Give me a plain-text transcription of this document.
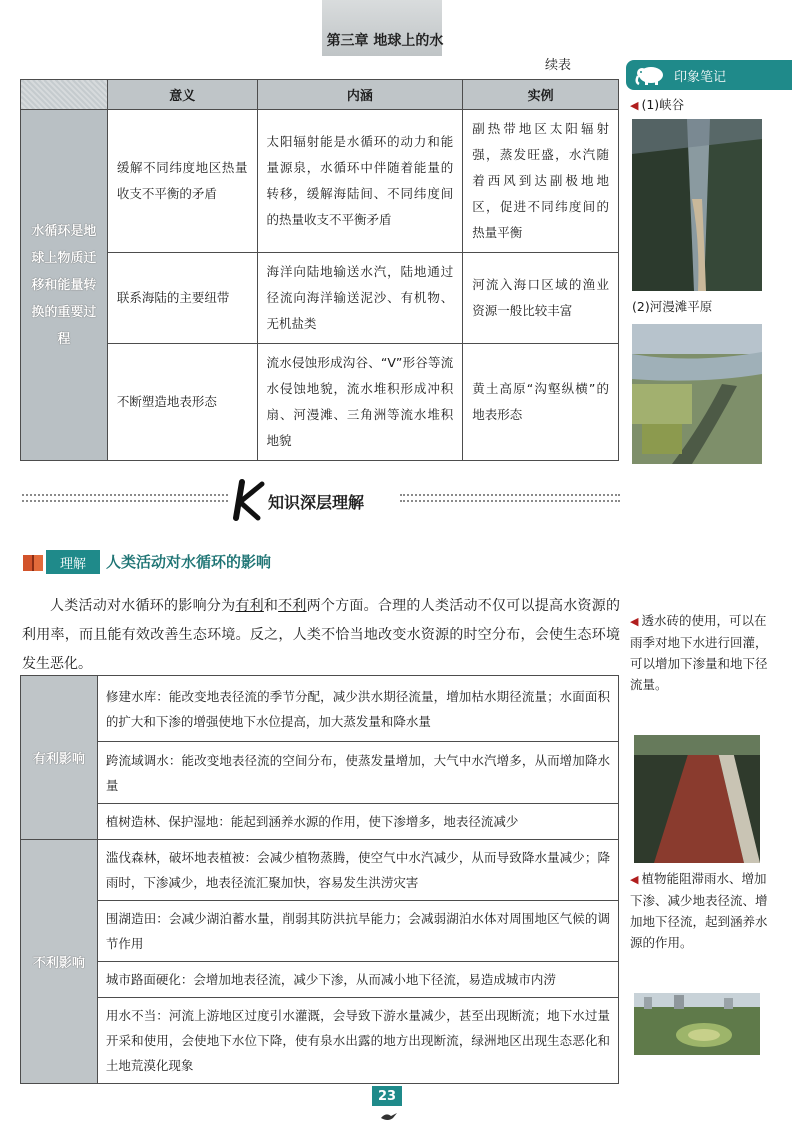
第三章 地球上的水
续表
印象笔记
◀ (1)峡谷
(2)河漫滩平原
◀ 透水砖的使用，可以在雨季对地下水进行回灌，可以增加下渗量和地下径流量。
◀ 植物能阻滞雨水、增加下渗、减少地表径流、增加地下径流，起到涵养水源的作用。
	意义	内涵	实例
水循环是地球上物质迁移和能量转换的重要过程	缓解不同纬度地区热量收支不平衡的矛盾	太阳辐射能是水循环的动力和能量源泉，水循环中伴随着能量的转移，缓解海陆间、不同纬度间的热量收支不平衡矛盾	副热带地区太阳辐射强，蒸发旺盛，水汽随着西风到达副极地地区，促进不同纬度间的热量平衡
	联系海陆的主要纽带	海洋向陆地输送水汽，陆地通过径流向海洋输送泥沙、有机物、无机盐类	河流入海口区域的渔业资源一般比较丰富
	不断塑造地表形态	流水侵蚀形成沟谷、“V”形谷等流水侵蚀地貌，流水堆积形成冲积扇、河漫滩、三角洲等流水堆积地貌	黄土高原“沟壑纵横”的地表形态
知识深层理解
理解	人类活动对水循环的影响
人类活动对水循环的影响分为有利和不利两个方面。合理的人类活动不仅可以提高水资源的利用率，而且能有效改善生态环境。反之，人类不恰当地改变水资源的时空分布，会使生态环境发生恶化。
有利影响	修建水库：能改变地表径流的季节分配，减少洪水期径流量，增加枯水期径流量；水面面积的扩大和下渗的增强使地下水位提高，加大蒸发量和降水量
	跨流域调水：能改变地表径流的空间分布，使蒸发量增加，大气中水汽增多，从而增加降水量
	植树造林、保护湿地：能起到涵养水源的作用，使下渗增多，地表径流减少
不利影响	滥伐森林，破坏地表植被：会减少植物蒸腾，使空气中水汽减少，从而导致降水量减少；降雨时，下渗减少，地表径流汇聚加快，容易发生洪涝灾害
	围湖造田：会减少湖泊蓄水量，削弱其防洪抗旱能力；会减弱湖泊水体对周围地区气候的调节作用
	城市路面硬化：会增加地表径流，减少下渗，从而减小地下径流，易造成城市内涝
	用水不当：河流上游地区过度引水灌溉，会导致下游水量减少，甚至出现断流；地下水过量开采和使用，会使地下水位下降，使有泉水出露的地方出现断流，绿洲地区出现生态恶化和土地荒漠化现象
23
